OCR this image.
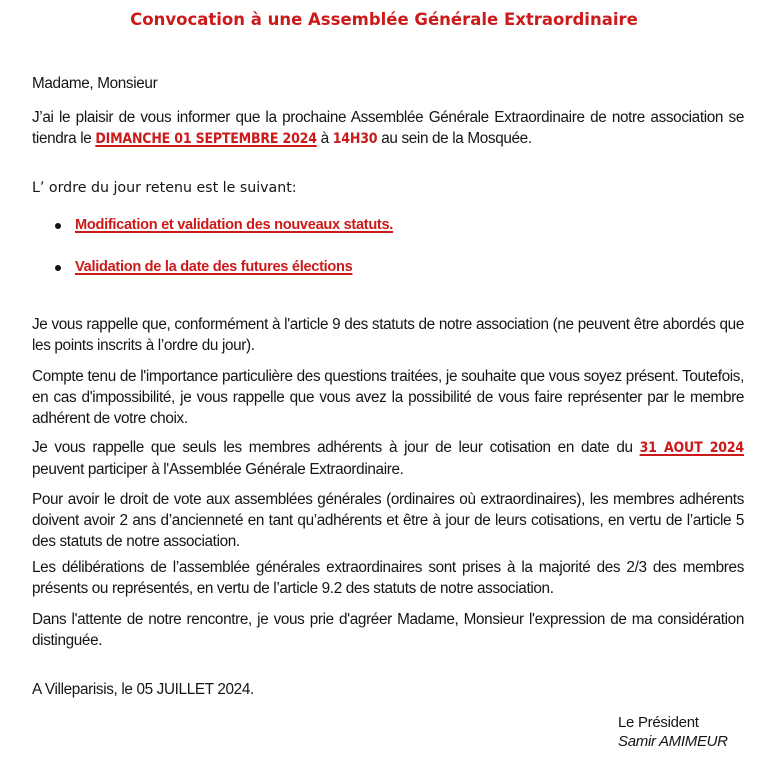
Convocation à une Assemblée Générale Extraordinaire
Madame, Monsieur
J’ai le plaisir de vous informer que la prochaine Assemblée Générale Extraordinaire de notre association se tiendra le DIMANCHE 01 SEPTEMBRE 2024 à 14H30 au sein de la Mosquée.
L’ ordre du jour retenu est le suivant:
Modification et validation des nouveaux statuts.
Validation de la date des futures élections
Je vous rappelle que, conformément à l'article 9 des statuts de notre association (ne peuvent être abordés que les points inscrits à l’ordre du jour).
Compte tenu de l'importance particulière des questions traitées, je souhaite que vous soyez présent. Toutefois, en cas d'impossibilité, je vous rappelle que vous avez la possibilité de vous faire représenter par le membre adhérent de votre choix.
Je vous rappelle que seuls les membres adhérents à jour de leur cotisation en date du 31 AOUT 2024 peuvent participer à l'Assemblée Générale Extraordinaire.
Pour avoir le droit de vote aux assemblées générales (ordinaires où extraordinaires), les membres adhérents doivent avoir 2 ans d’ancienneté en tant qu’adhérents et être à jour de leurs cotisations, en vertu de l’article 5 des statuts de notre association.
Les délibérations de l’assemblée générales extraordinaires sont prises à la majorité des 2/3 des membres présents ou représentés, en vertu de l’article 9.2 des statuts de notre association.
Dans l'attente de notre rencontre, je vous prie d'agréer Madame, Monsieur l'expression de ma considération distinguée.
A Villeparisis, le 05 JUILLET 2024.
Le Président
Samir AMIMEUR
